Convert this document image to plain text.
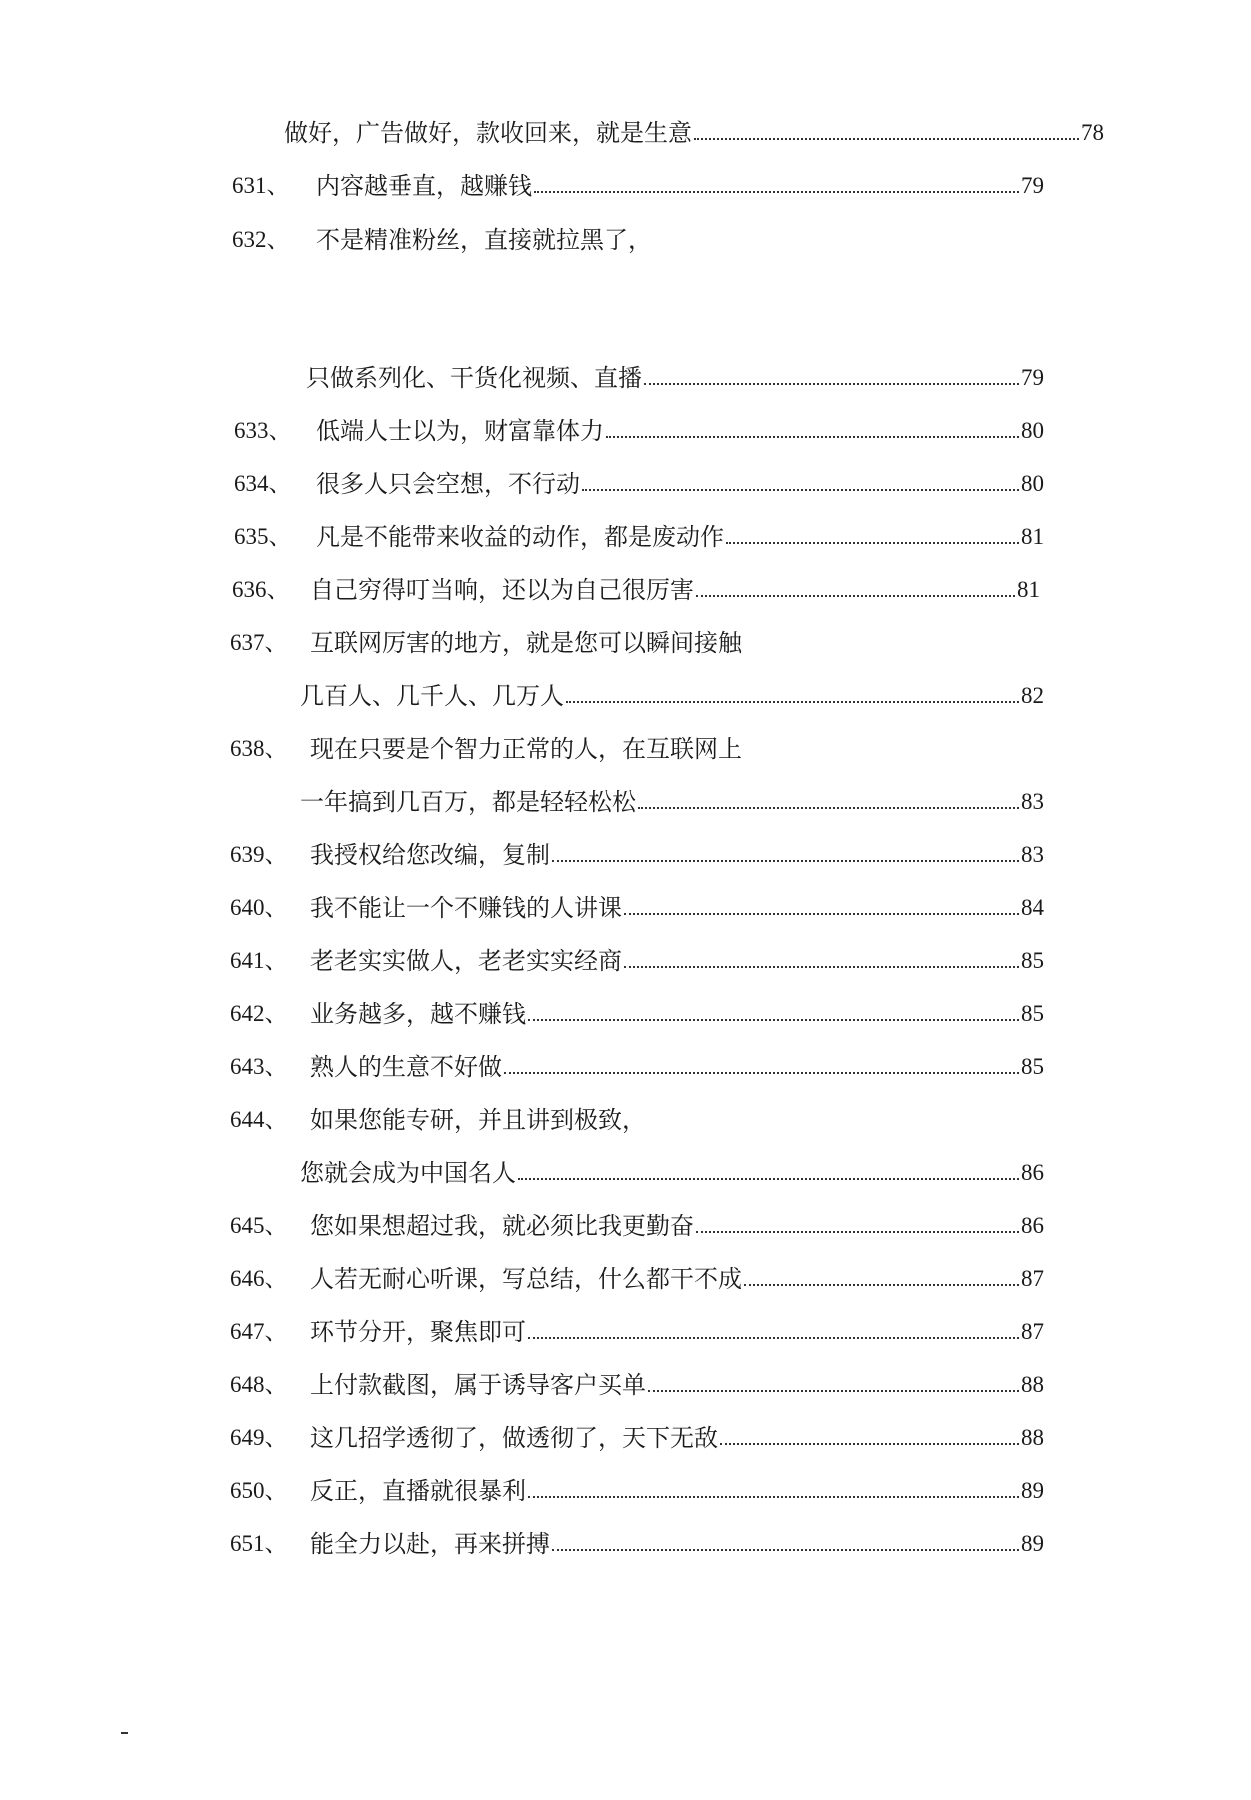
做好，广告做好，款收回来，就是生意	78
631、 内容越垂直，越赚钱	79
632、 不是精准粉丝，直接就拉黑了，
只做系列化、干货化视频、直播	79
633、 低端人士以为，财富靠体力	80
634、 很多人只会空想，不行动	80
635、 凡是不能带来收益的动作，都是废动作	81
636、 自己穷得叮当响，还以为自己很厉害	81
637、 互联网厉害的地方，就是您可以瞬间接触
几百人、几千人、几万人	82
638、 现在只要是个智力正常的人，在互联网上
一年搞到几百万，都是轻轻松松	83
639、 我授权给您改编，复制	83
640、 我不能让一个不赚钱的人讲课	84
641、 老老实实做人，老老实实经商	85
642、 业务越多，越不赚钱	85
643、 熟人的生意不好做	85
644、 如果您能专研，并且讲到极致，
您就会成为中国名人	86
645、 您如果想超过我，就必须比我更勤奋	86
646、 人若无耐心听课，写总结，什么都干不成	87
647、 环节分开，聚焦即可	87
648、 上付款截图，属于诱导客户买单	88
649、 这几招学透彻了，做透彻了，天下无敌	88
650、 反正，直播就很暴利	89
651、 能全力以赴，再来拼搏	89
